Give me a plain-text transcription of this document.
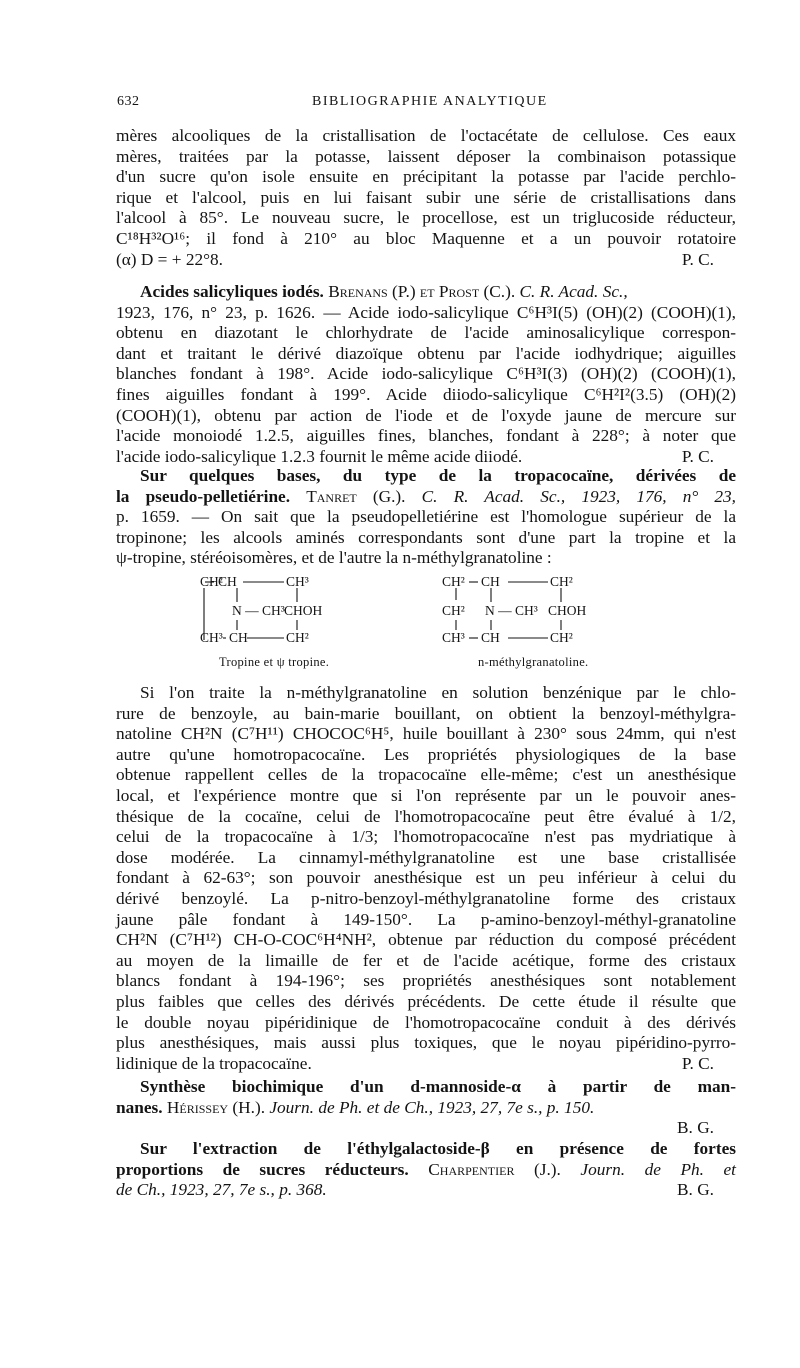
632	BIBLIOGRAPHIE ANALYTIQUE
mères alcooliques de la cristallisation de l'octacétate de cellulose. Ces eaux
mères, traitées par la potasse, laissent déposer la combinaison potassique
d'un sucre qu'on isole ensuite en précipitant la potasse par l'acide perchlo-
rique et l'alcool, puis en lui faisant subir une série de cristallisations dans
l'alcool à 85°. Le nouveau sucre, le procellose, est un triglucoside réducteur,
C¹⁸H³²O¹⁶; il fond à 210° au bloc Maquenne et a un pouvoir rotatoire
(α) D = + 22°8.	P. C.
Acides salicyliques iodés. Brenans (P.) et Prost (C.). C. R. Acad. Sc.,
1923, 176, n° 23, p. 1626. — Acide iodo-salicylique C⁶H³I(5) (OH)(2) (COOH)(1),
obtenu en diazotant le chlorhydrate de l'acide aminosalicylique correspon-
dant et traitant le dérivé diazoïque obtenu par l'acide iodhydrique; aiguilles
blanches fondant à 198°. Acide iodo-salicylique C⁶H³I(3) (OH)(2) (COOH)(1),
fines aiguilles fondant à 199°. Acide diiodo-salicylique C⁶H²I²(3.5) (OH)(2)
(COOH)(1), obtenu par action de l'iode et de l'oxyde jaune de mercure sur
l'acide monoiodé 1.2.5, aiguilles fines, blanches, fondant à 228°; à noter que
l'acide iodo-salicylique 1.2.3 fournit le même acide diiodé.	P. C.
Sur quelques bases, du type de la tropacocaïne, dérivées de
la pseudo-pelletiérine. Tanret (G.). C. R. Acad. Sc., 1923, 176, n° 23,
p. 1659. — On sait que la pseudopelletiérine est l'homologue supérieur de la
tropinone; les alcools aminés correspondants sont d'une part la tropine et la
ψ-tropine, stéréoisomères, et de l'autre la n-méthylgranatoline :
CH²
CH	CH³
N — CH³ CHOH
CH³ CH	CH²
Tropine et ψ tropine.
CH² CH	CH²
CH² N — CH³ CHOH
CH³ CH	CH²
n-méthylgranatoline.
Si l'on traite la n-méthylgranatoline en solution benzénique par le chlo-
rure de benzoyle, au bain-marie bouillant, on obtient la benzoyl-méthylgra-
natoline CH²N (C⁷H¹¹) CHOCOC⁶H⁵, huile bouillant à 230° sous 24mm, qui n'est
autre qu'une homotropacocaïne. Les propriétés physiologiques de la base
obtenue rappellent celles de la tropacocaïne elle-même; c'est un anesthésique
local, et l'expérience montre que si l'on représente par un le pouvoir anes-
thésique de la cocaïne, celui de l'homotropacocaïne peut être évalué à 1/2,
celui de la tropacocaïne à 1/3; l'homotropacocaïne n'est pas mydriatique à
dose modérée. La cinnamyl-méthylgranatoline est une base cristallisée
fondant à 62-63°; son pouvoir anesthésique est un peu inférieur à celui du
dérivé benzoylé. La p-nitro-benzoyl-méthylgranatoline forme des cristaux
jaune pâle fondant à 149-150°. La p-amino-benzoyl-méthyl-granatoline
CH²N (C⁷H¹²) CH-O-COC⁶H⁴NH², obtenue par réduction du composé précédent
au moyen de la limaille de fer et de l'acide acétique, forme des cristaux
blancs fondant à 194-196°; ses propriétés anesthésiques sont notablement
plus faibles que celles des dérivés précédents. De cette étude il résulte que
le double noyau pipéridinique de l'homotropacocaïne conduit à des dérivés
plus anesthésiques, mais aussi plus toxiques, que le noyau pipéridino-pyrro-
lidinique de la tropacocaïne.	P. C.
Synthèse biochimique d'un d-mannoside-α à partir de man-
nanes. Hérissey (H.). Journ. de Ph. et de Ch., 1923, 27, 7e s., p. 150.
B. G.
Sur l'extraction de l'éthylgalactoside-β en présence de fortes
proportions de sucres réducteurs. Charpentier (J.). Journ. de Ph. et
de Ch., 1923, 27, 7e s., p. 368.	B. G.
